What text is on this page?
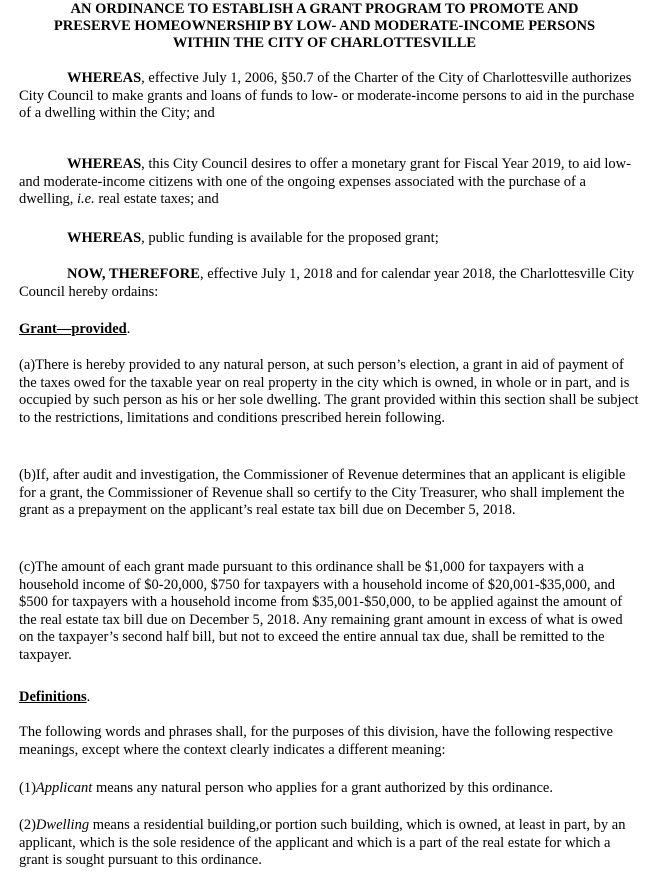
AN ORDINANCE TO ESTABLISH A GRANT PROGRAM TO PROMOTE AND
PRESERVE HOMEOWNERSHIP BY LOW- AND MODERATE-INCOME PERSONS
WITHIN THE CITY OF CHARLOTTESVILLE
WHEREAS, effective July 1, 2006, §50.7 of the Charter of the City of Charlottesville authorizes City Council to make grants and loans of funds to low- or moderate-income persons to aid in the purchase of a dwelling within the City; and
WHEREAS, this City Council desires to offer a monetary grant for Fiscal Year 2019, to aid low- and moderate-income citizens with one of the ongoing expenses associated with the purchase of a dwelling, i.e. real estate taxes; and
WHEREAS, public funding is available for the proposed grant;
NOW, THEREFORE, effective July 1, 2018 and for calendar year 2018, the Charlottesville City Council hereby ordains:
Grant—provided.
(a)There is hereby provided to any natural person, at such person’s election, a grant in aid of payment of the taxes owed for the taxable year on real property in the city which is owned, in whole or in part, and is occupied by such person as his or her sole dwelling. The grant provided within this section shall be subject to the restrictions, limitations and conditions prescribed herein following.
(b)If, after audit and investigation, the Commissioner of Revenue determines that an applicant is eligible for a grant, the Commissioner of Revenue shall so certify to the City Treasurer, who shall implement the grant as a prepayment on the applicant’s real estate tax bill due on December 5, 2018.
(c)The amount of each grant made pursuant to this ordinance shall be $1,000 for taxpayers with a household income of $0-20,000, $750 for taxpayers with a household income of $20,001-$35,000, and $500 for taxpayers with a household income from $35,001-$50,000, to be applied against the amount of the real estate tax bill due on December 5, 2018. Any remaining grant amount in excess of what is owed on the taxpayer’s second half bill, but not to exceed the entire annual tax due, shall be remitted to the taxpayer.
Definitions.
The following words and phrases shall, for the purposes of this division, have the following respective meanings, except where the context clearly indicates a different meaning:
(1)Applicant means any natural person who applies for a grant authorized by this ordinance.
(2)Dwelling means a residential building,or portion such building, which is owned, at least in part, by an applicant, which is the sole residence of the applicant and which is a part of the real estate for which a grant is sought pursuant to this ordinance.
